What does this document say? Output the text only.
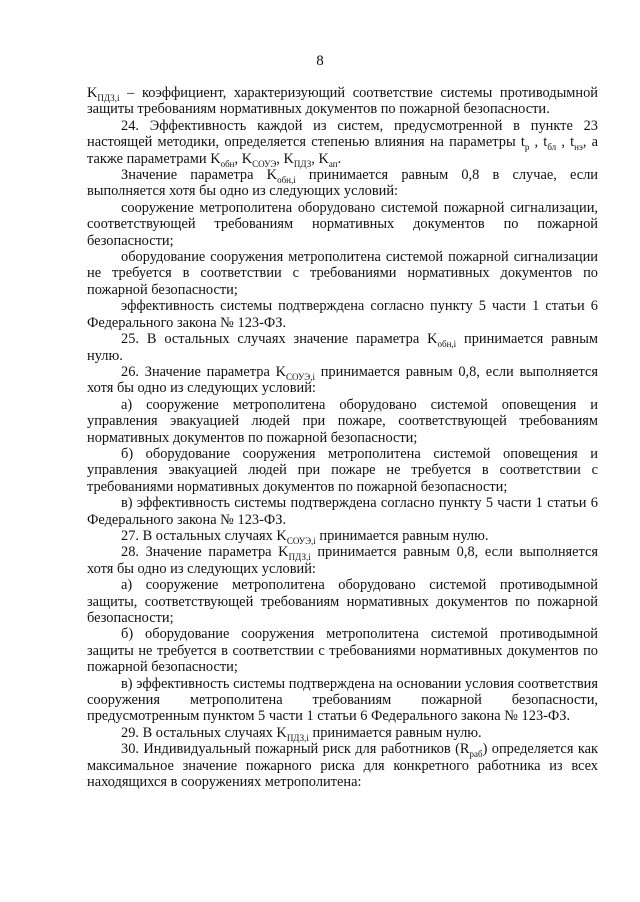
8

$K_{ПДЗ,i}$ – коэффициент, характеризующий соответствие системы противодымной защиты требованиям нормативных документов по пожарной безопасности.

24. Эффективность каждой из систем, предусмотренной в пункте 23 настоящей методики, определяется степенью влияния на параметры $t_р$ , $t_{бл}$ , $t_{нэ}$, а также параметрами $K_{обн}$, $K_{СОУЭ}$, $K_{ПДЗ}$, $K_{ап}$.

Значение параметра $K_{обн,i}$ принимается равным 0,8 в случае, если выполняется хотя бы одно из следующих условий:

сооружение метрополитена оборудовано системой пожарной сигнализации, соответствующей требованиям нормативных документов по пожарной безопасности;

оборудование сооружения метрополитена системой пожарной сигнализации не требуется в соответствии с требованиями нормативных документов по пожарной безопасности;

эффективность системы подтверждена согласно пункту 5 части 1 статьи 6 Федерального закона № 123-ФЗ.

25. В остальных случаях значение параметра $K_{обн,i}$ принимается равным нулю.

26. Значение параметра $K_{СОУЭ,i}$ принимается равным 0,8, если выполняется хотя бы одно из следующих условий:

а) сооружение метрополитена оборудовано системой оповещения и управления эвакуацией людей при пожаре, соответствующей требованиям нормативных документов по пожарной безопасности;

б) оборудование сооружения метрополитена системой оповещения и управления эвакуацией людей при пожаре не требуется в соответствии с требованиями нормативных документов по пожарной безопасности;

в) эффективность системы подтверждена согласно пункту 5 части 1 статьи 6 Федерального закона № 123-ФЗ.

27. В остальных случаях $K_{СОУЭ,i}$ принимается равным нулю.

28. Значение параметра $K_{ПДЗ,i}$ принимается равным 0,8, если выполняется хотя бы одно из следующих условий:

а) сооружение метрополитена оборудовано системой противодымной защиты, соответствующей требованиям нормативных документов по пожарной безопасности;

б) оборудование сооружения метрополитена системой противодымной защиты не требуется в соответствии с требованиями нормативных документов по пожарной безопасности;

в) эффективность системы подтверждена на основании условия соответствия сооружения метрополитена требованиям пожарной безопасности, предусмотренным пунктом 5 части 1 статьи 6 Федерального закона № 123-ФЗ.

29. В остальных случаях $K_{ПДЗ,i}$ принимается равным нулю.

30. Индивидуальный пожарный риск для работников $(R_{раб})$ определяется как максимальное значение пожарного риска для конкретного работника из всех находящихся в сооружениях метрополитена:
